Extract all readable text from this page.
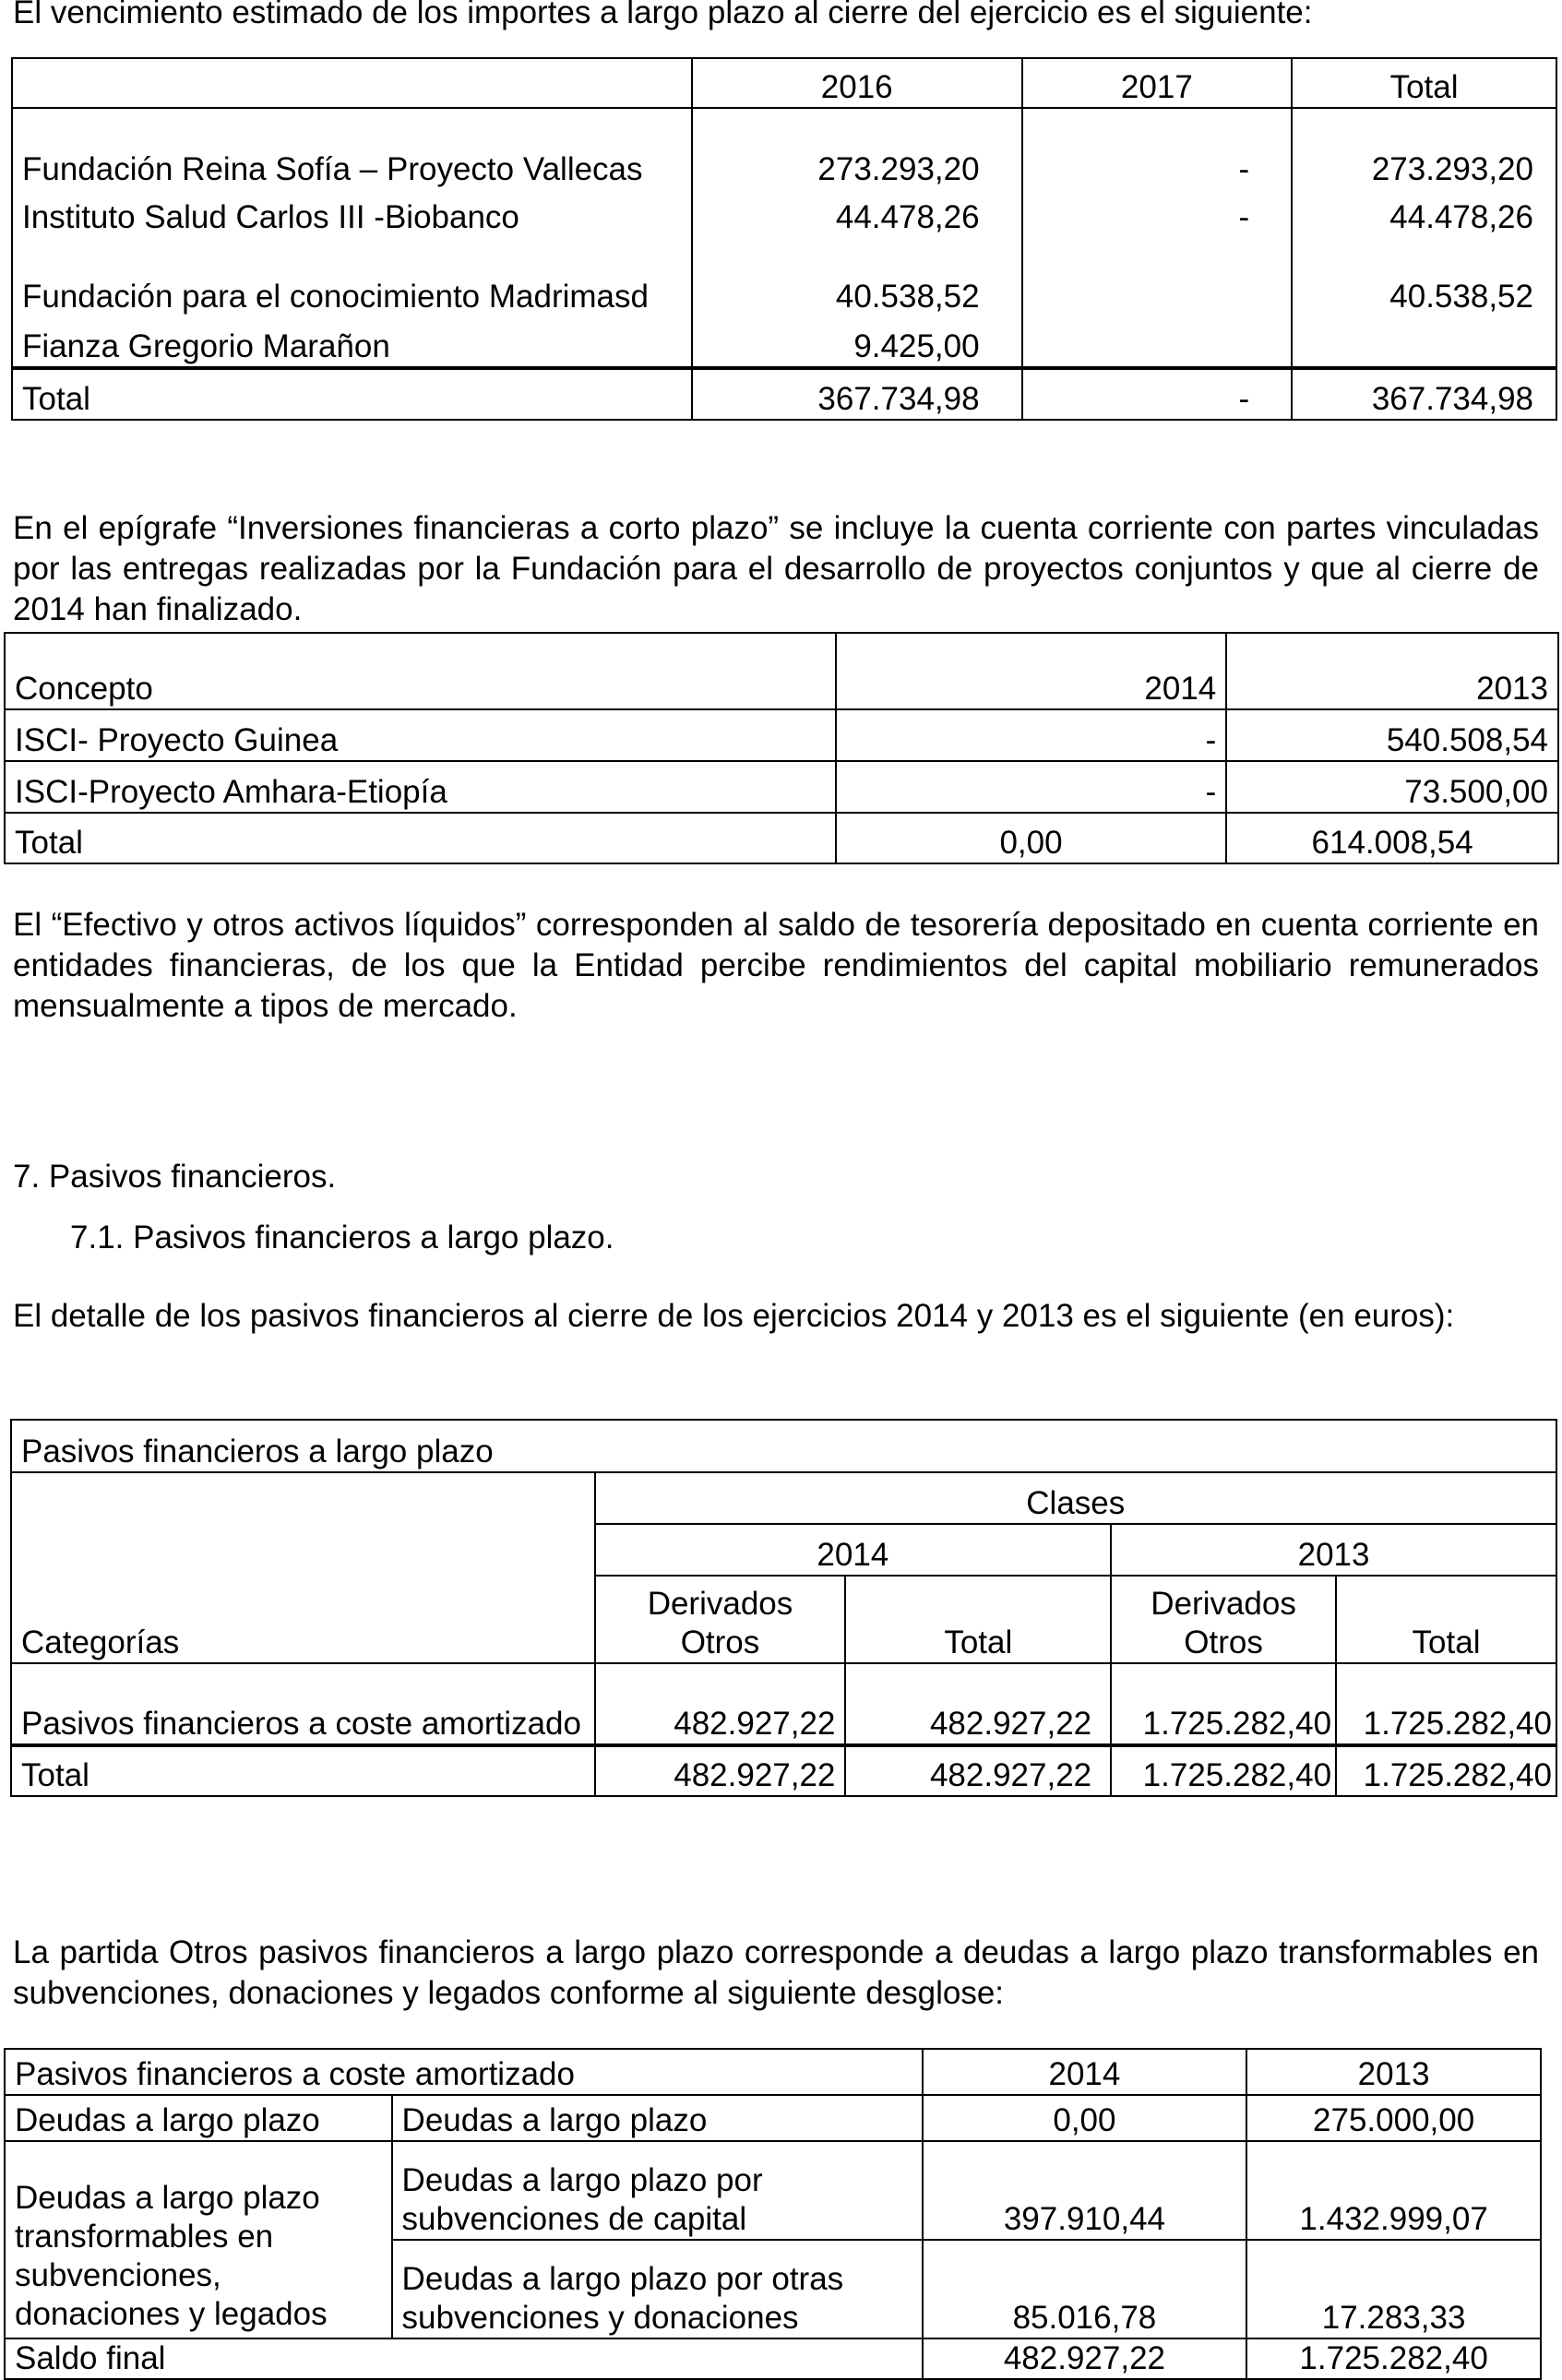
El vencimiento estimado de los importes a largo plazo al cierre del ejercicio es el siguiente:
	2016	2017	Total
Fundación Reina Sofía – Proyecto Vallecas	273.293,20	-	273.293,20
Instituto Salud Carlos III -Biobanco	44.478,26	-	44.478,26
Fundación para el conocimiento Madrimasd	40.538,52		40.538,52
Fianza Gregorio Marañon	9.425,00		
Total	367.734,98	-	367.734,98
En el epígrafe “Inversiones financieras a corto plazo” se incluye la cuenta corriente con partes vinculadas por las entregas realizadas por la Fundación para el desarrollo de proyectos conjuntos y que al cierre de 2014 han finalizado.
Concepto	2014	2013
ISCI- Proyecto Guinea	-	540.508,54
ISCI-Proyecto Amhara-Etiopía	-	73.500,00
Total	0,00	614.008,54
El “Efectivo y otros activos líquidos” corresponden al saldo de tesorería depositado en cuenta corriente en entidades financieras, de los que la Entidad percibe rendimientos del capital mobiliario remunerados mensualmente a tipos de mercado.
7. Pasivos financieros.
7.1. Pasivos financieros a largo plazo.
El detalle de los pasivos financieros al cierre de los ejercicios 2014 y 2013 es el siguiente (en euros):
Pasivos financieros a largo plazo				
Categorías	Clases			
	2014		2013	
	Derivados Otros	Total	Derivados Otros	Total
Pasivos financieros a coste amortizado	482.927,22	482.927,22	1.725.282,40	1.725.282,40
Total	482.927,22	482.927,22	1.725.282,40	1.725.282,40
La partida Otros pasivos financieros a largo plazo corresponde a deudas a largo plazo transformables en subvenciones, donaciones y legados conforme al siguiente desglose:
Pasivos financieros a coste amortizado		2014	2013
Deudas a largo plazo	Deudas a largo plazo	0,00	275.000,00
Deudas a largo plazo transformables en subvenciones, donaciones y legados	Deudas a largo plazo por subvenciones de capital	397.910,44	1.432.999,07
	Deudas a largo plazo por otras subvenciones y donaciones	85.016,78	17.283,33
Saldo final		482.927,22	1.725.282,40
